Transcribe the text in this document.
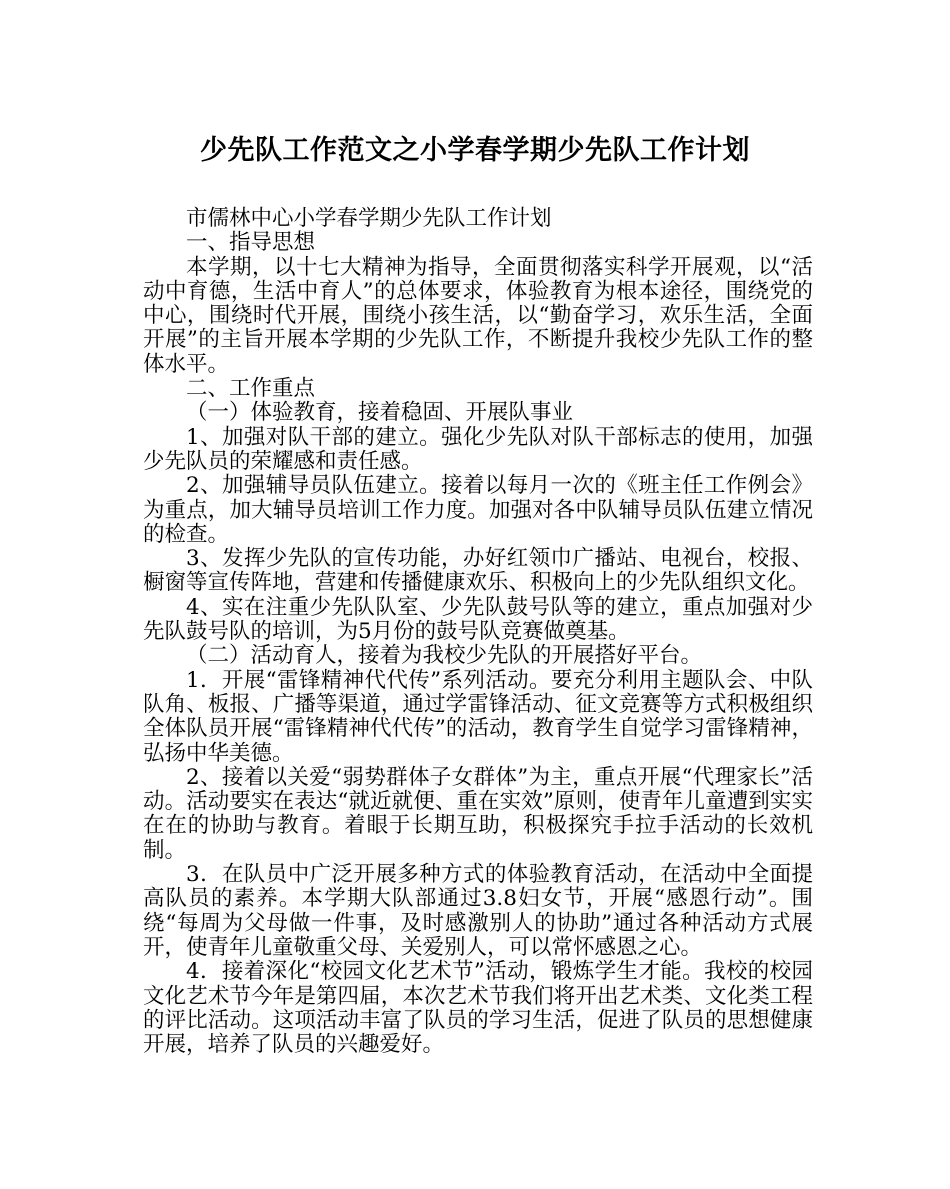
少先队工作范文之小学春学期少先队工作计划

市儒林中心小学春学期少先队工作计划

一、指导思想

本学期，以十七大精神为指导，全面贯彻落实科学开展观，以“活动中育德，生活中育人”的总体要求，体验教育为根本途径，围绕党的中心，围绕时代开展，围绕小孩生活，以“勤奋学习，欢乐生活，全面开展”的主旨开展本学期的少先队工作，不断提升我校少先队工作的整体水平。

二、工作重点

（一）体验教育，接着稳固、开展队事业

1、加强对队干部的建立。强化少先队对队干部标志的使用，加强少先队员的荣耀感和责任感。

2、加强辅导员队伍建立。接着以每月一次的《班主任工作例会》为重点，加大辅导员培训工作力度。加强对各中队辅导员队伍建立情况的检查。

3、发挥少先队的宣传功能，办好红领巾广播站、电视台，校报、橱窗等宣传阵地，营建和传播健康欢乐、积极向上的少先队组织文化。

4、实在注重少先队队室、少先队鼓号队等的建立，重点加强对少先队鼓号队的培训，为5月份的鼓号队竞赛做奠基。

（二）活动育人，接着为我校少先队的开展搭好平台。

1．开展“雷锋精神代代传”系列活动。要充分利用主题队会、中队队角、板报、广播等渠道，通过学雷锋活动、征文竞赛等方式积极组织全体队员开展“雷锋精神代代传”的活动，教育学生自觉学习雷锋精神，弘扬中华美德。

2、接着以关爱“弱势群体子女群体”为主，重点开展“代理家长”活动。活动要实在表达“就近就便、重在实效”原则，使青年儿童遭到实实在在的协助与教育。着眼于长期互助，积极探究手拉手活动的长效机制。

3．在队员中广泛开展多种方式的体验教育活动，在活动中全面提高队员的素养。本学期大队部通过3.8妇女节，开展“感恩行动”。围绕“每周为父母做一件事，及时感激别人的协助”通过各种活动方式展开，使青年儿童敬重父母、关爱别人，可以常怀感恩之心。

4．接着深化“校园文化艺术节”活动，锻炼学生才能。我校的校园文化艺术节今年是第四届，本次艺术节我们将开出艺术类、文化类工程的评比活动。这项活动丰富了队员的学习生活，促进了队员的思想健康开展，培养了队员的兴趣爱好。
